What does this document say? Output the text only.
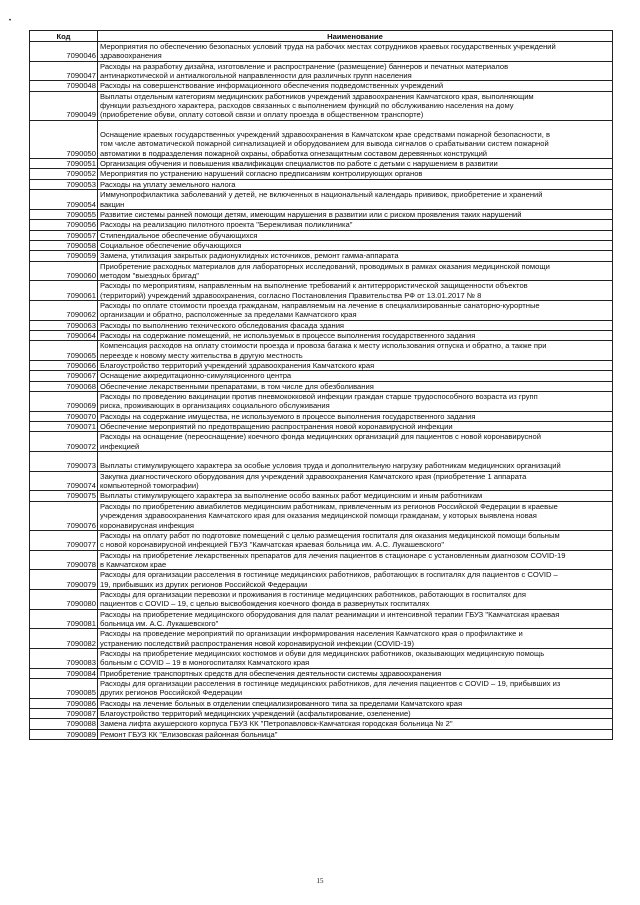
•
Код	Наименование
7090046	Мероприятия по обеспечению безопасных условий труда на рабочих местах сотрудников краевых государственных учреждений
здравоохранения

7090047	Расходы на разработку дизайна, изготовление и распространение (размещение) баннеров и печатных материалов
антинаркотической и антиалкогольной направленности для различных групп населения

7090048	Расходы на совершенствование информационного обеспечения подведомственных учреждений

7090049	Выплаты отдельным категориям медицинских работников учреждений здравоохранения Камчатского края, выполняющим
функции разъездного характера, расходов связанных с выполнением функций по обслуживанию населения на дому
(приобретение обуви, оплату сотовой связи и оплату проезда в общественном транспорте)

7090050	Оснащение краевых государственных учреждений здравоохранения в Камчатском крае средствами пожарной безопасности, в
том числе автоматической пожарной сигнализацией и оборудованием для вывода сигналов о срабатывании систем пожарной
автоматики в подразделения пожарной охраны, обработка огнезащитным составом деревянных конструкций

7090051	Организация обучения и повышения квалификации специалистов по работе с детьми с нарушением в развитии

7090052	Мероприятия по устранению нарушений согласно предписаниям контролирующих органов

7090053	Расходы на уплату земельного налога

7090054	Иммунопрофилактика заболеваний у детей, не включенных в национальный календарь прививок, приобретение и хранений
вакцин

7090055	Развитие системы ранней помощи детям, имеющим нарушения в развитии или с риском проявления таких нарушений

7090056	Расходы на реализацию пилотного проекта "Бережливая поликлиника"

7090057	Стипендиальное обеспечение обучающихся

7090058	Социальное обеспечение обучающихся

7090059	Замена, утилизация закрытых радионуклидных источников, ремонт гамма-аппарата

7090060	Приобретение расходных материалов для лабораторных исследований, проводимых в рамках оказания медицинской помощи
методом "выездных бригад"

7090061	Расходы по мероприятиям, направленным на выполнение требований к антитеррористической защищенности объектов
(территорий) учреждений здравоохранения, согласно Постановления Правительства РФ от 13.01.2017 № 8

7090062	Расходы по оплате стоимости проезда гражданам, направляемым на лечение в специализированные санаторно-курортные
организации и обратно, расположенные за пределами Камчатского края

7090063	Расходы по выполнению технического обследования фасада здания

7090064	Расходы на содержание помещений, не используемых в процессе выполнения государственного задания

7090065	Компенсация расходов на оплату стоимости проезда и провоза багажа к месту использования отпуска и обратно, а также при
переезде к новому месту жительства в другую местность

7090066	Благоустройство территорий учреждений здравоохранения Камчатского края

7090067	Оснащение аккредитационно-симуляционного центра

7090068	Обеспечение лекарственными препаратами, в том числе для обезболивания

7090069	Расходы по проведению вакцинации против пневмококковой инфекции граждан старше трудоспособного возраста из групп
риска, проживающих в организациях социального обслуживания

7090070	Расходы на содержание имущества, не используемого в процессе выполнения государственного задания

7090071	Обеспечение мероприятий по предотвращению распространения новой коронавирусной инфекции

7090072	Расходы на оснащение (переоснащение) коечного фонда медицинских организаций для пациентов с новой коронавирусной
инфекцией

7090073	Выплаты стимулирующего характера за особые условия труда и дополнительную нагрузку работникам медицинских организаций

7090074	Закупка диагностического оборудования для учреждений здравоохранения Камчатского края (приобретение 1 аппарата
компьютерной томографии)

7090075	Выплаты стимулирующего характера за выполнение особо важных работ медицинским и иным работникам

7090076	Расходы по приобретению авиабилетов медицинским работникам, привлеченным из регионов Российской Федерации в краевые
учреждения здравоохранения Камчатского края для оказания медицинской помощи гражданам, у которых выявлена новая
коронавирусная инфекция

7090077	Расходы на оплату работ по подготовке помещений с целью размещения госпиталя для оказания медицинской помощи больным
с новой коронавирусной инфекцией ГБУЗ "Камчатская краевая больница им. А.С. Лукашевского"

7090078	Расходы на приобретение лекарственных препаратов для лечения пациентов в стационаре с установленным диагнозом COVID-19
в Камчатском крае

7090079	Расходы для организации расселения в гостинице медицинских работников, работающих в госпиталях для пациентов с COVID –
19, прибывших из других регионов Российской Федерации

7090080	Расходы для организации перевозки и проживания в гостинице медицинских работников, работающих в госпиталях для
пациентов с COVID – 19, с целью высвобождения коечного фонда в развернутых госпиталях

7090081	Расходы на приобретение медицинского оборудования для палат реанимации и интенсивной терапии ГБУЗ "Камчатская краевая
больница им. А.С. Лукашевского"

7090082	Расходы на проведение мероприятий по организации информирования населения Камчатского края о профилактике и
устранению последствий распространения новой коронавирусной инфекции (COVID-19)

7090083	Расходы на приобретение медицинских костюмов и обуви для медицинских работников, оказывающих медицинскую помощь
больным с COVID – 19 в моногоспиталях Камчатского края

7090084	Приобретение транспортных средств для обеспечения деятельности системы здравоохранения

7090085	Расходы для организации расселения в гостинице медицинских работников, для лечения пациентов с COVID – 19, прибывших из
других регионов Российской Федерации

7090086	Расходы на лечение больных в отделении специализированного типа за пределами Камчатского края

7090087	Благоустройство территорий медицинских учреждений (асфальтирование, озеленение)

7090088	Замена лифта акушерского корпуса ГБУЗ КК "Петропавловск-Камчатская городская больница № 2"

7090089	Ремонт ГБУЗ КК "Елизовская районная больница"
15
